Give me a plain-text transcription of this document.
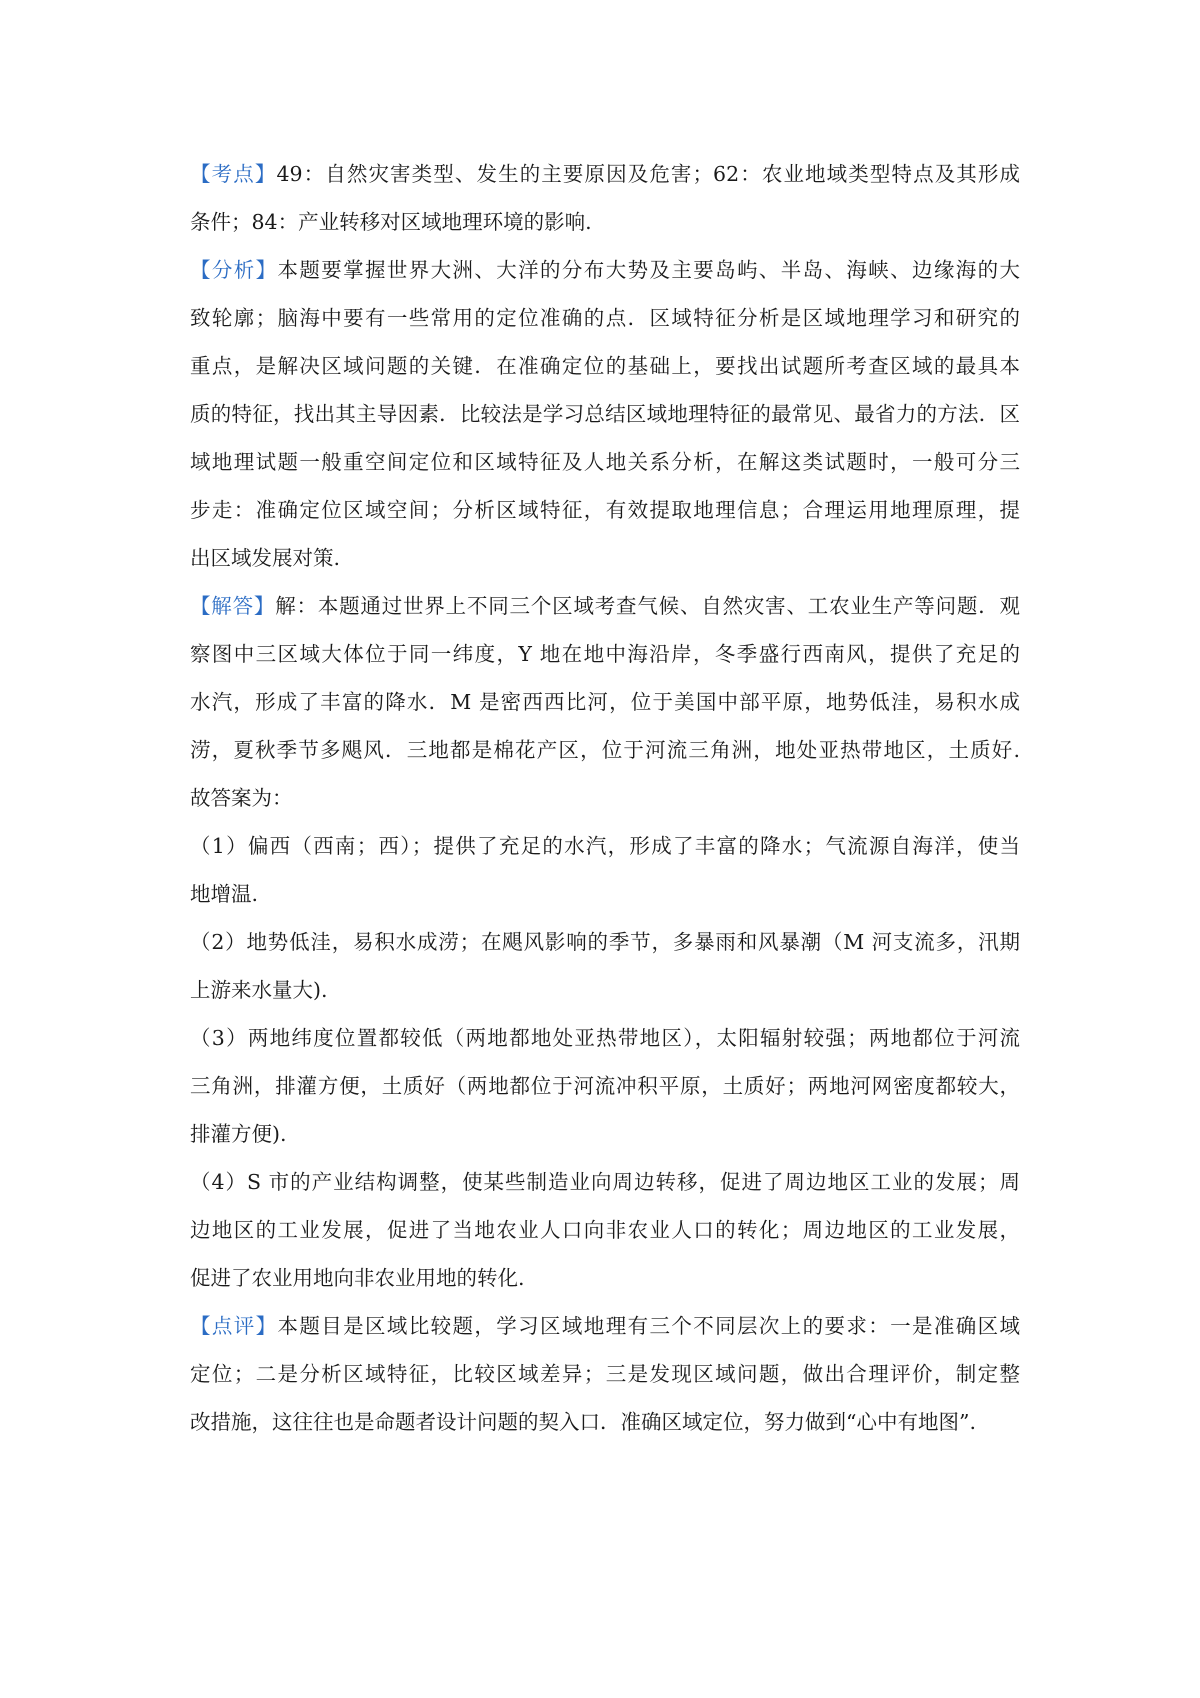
【考点】49：自然灾害类型、发生的主要原因及危害；62：农业地域类型特点及其形成
条件；84：产业转移对区域地理环境的影响.
【分析】本题要掌握世界大洲、大洋的分布大势及主要岛屿、半岛、海峡、边缘海的大
致轮廓；脑海中要有一些常用的定位准确的点．区域特征分析是区域地理学习和研究的
重点，是解决区域问题的关键．在准确定位的基础上，要找出试题所考查区域的最具本
质的特征，找出其主导因素．比较法是学习总结区域地理特征的最常见、最省力的方法．区
域地理试题一般重空间定位和区域特征及人地关系分析，在解这类试题时，一般可分三
步走：准确定位区域空间；分析区域特征，有效提取地理信息；合理运用地理原理，提
出区域发展对策.
【解答】解：本题通过世界上不同三个区域考查气候、自然灾害、工农业生产等问题．观
察图中三区域大体位于同一纬度，Y 地在地中海沿岸，冬季盛行西南风，提供了充足的
水汽，形成了丰富的降水．M 是密西西比河，位于美国中部平原，地势低洼，易积水成
涝，夏秋季节多飓风．三地都是棉花产区，位于河流三角洲，地处亚热带地区，土质好.
故答案为：
（1）偏西（西南；西）；提供了充足的水汽，形成了丰富的降水；气流源自海洋，使当
地增温.
（2）地势低洼，易积水成涝；在飓风影响的季节，多暴雨和风暴潮（M 河支流多，汛期
上游来水量大).
（3）两地纬度位置都较低（两地都地处亚热带地区），太阳辐射较强；两地都位于河流
三角洲，排灌方便，土质好（两地都位于河流冲积平原，土质好；两地河网密度都较大，
排灌方便).
（4）S 市的产业结构调整，使某些制造业向周边转移，促进了周边地区工业的发展；周
边地区的工业发展，促进了当地农业人口向非农业人口的转化；周边地区的工业发展，
促进了农业用地向非农业用地的转化.
【点评】本题目是区域比较题，学习区域地理有三个不同层次上的要求：一是准确区域
定位；二是分析区域特征，比较区域差异；三是发现区域问题，做出合理评价，制定整
改措施，这往往也是命题者设计问题的契入口．准确区域定位，努力做到“心中有地图”.
